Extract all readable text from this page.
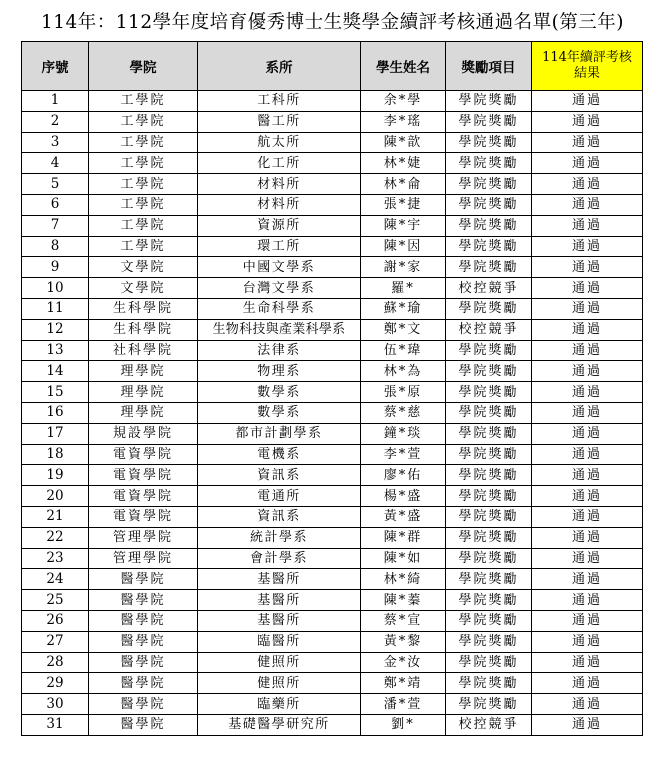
114年：112學年度培育優秀博士生獎學金續評考核通過名單(第三年)
序號	學院	系所	學生姓名	獎勵項目	114年續評考核
結果

1	工學院	工科所	余*學	學院獎勵	通過
2	工學院	醫工所	李*瑤	學院獎勵	通過
3	工學院	航太所	陳*歆	學院獎勵	通過
4	工學院	化工所	林*婕	學院獎勵	通過
5	工學院	材料所	林*侖	學院獎勵	通過
6	工學院	材料所	張*捷	學院獎勵	通過
7	工學院	資源所	陳*宇	學院獎勵	通過
8	工學院	環工所	陳*因	學院獎勵	通過
9	文學院	中國文學系	謝*家	學院獎勵	通過
10	文學院	台灣文學系	羅*	校控競爭	通過
11	生科學院	生命科學系	蘇*瑜	學院獎勵	通過
12	生科學院	生物科技與產業科學系	鄭*文	校控競爭	通過
13	社科學院	法律系	伍*瑋	學院獎勵	通過
14	理學院	物理系	林*為	學院獎勵	通過
15	理學院	數學系	張*原	學院獎勵	通過
16	理學院	數學系	蔡*慈	學院獎勵	通過
17	規設學院	都市計劃學系	鐘*琰	學院獎勵	通過
18	電資學院	電機系	李*萱	學院獎勵	通過
19	電資學院	資訊系	廖*佑	學院獎勵	通過
20	電資學院	電通所	楊*盛	學院獎勵	通過
21	電資學院	資訊系	黃*盛	學院獎勵	通過
22	管理學院	統計學系	陳*群	學院獎勵	通過
23	管理學院	會計學系	陳*如	學院獎勵	通過
24	醫學院	基醫所	林*綺	學院獎勵	通過
25	醫學院	基醫所	陳*蓁	學院獎勵	通過
26	醫學院	基醫所	蔡*宣	學院獎勵	通過
27	醫學院	臨醫所	黃*黎	學院獎勵	通過
28	醫學院	健照所	金*汝	學院獎勵	通過
29	醫學院	健照所	鄭*靖	學院獎勵	通過
30	醫學院	臨藥所	潘*萱	學院獎勵	通過
31	醫學院	基礎醫學研究所	劉*	校控競爭	通過
